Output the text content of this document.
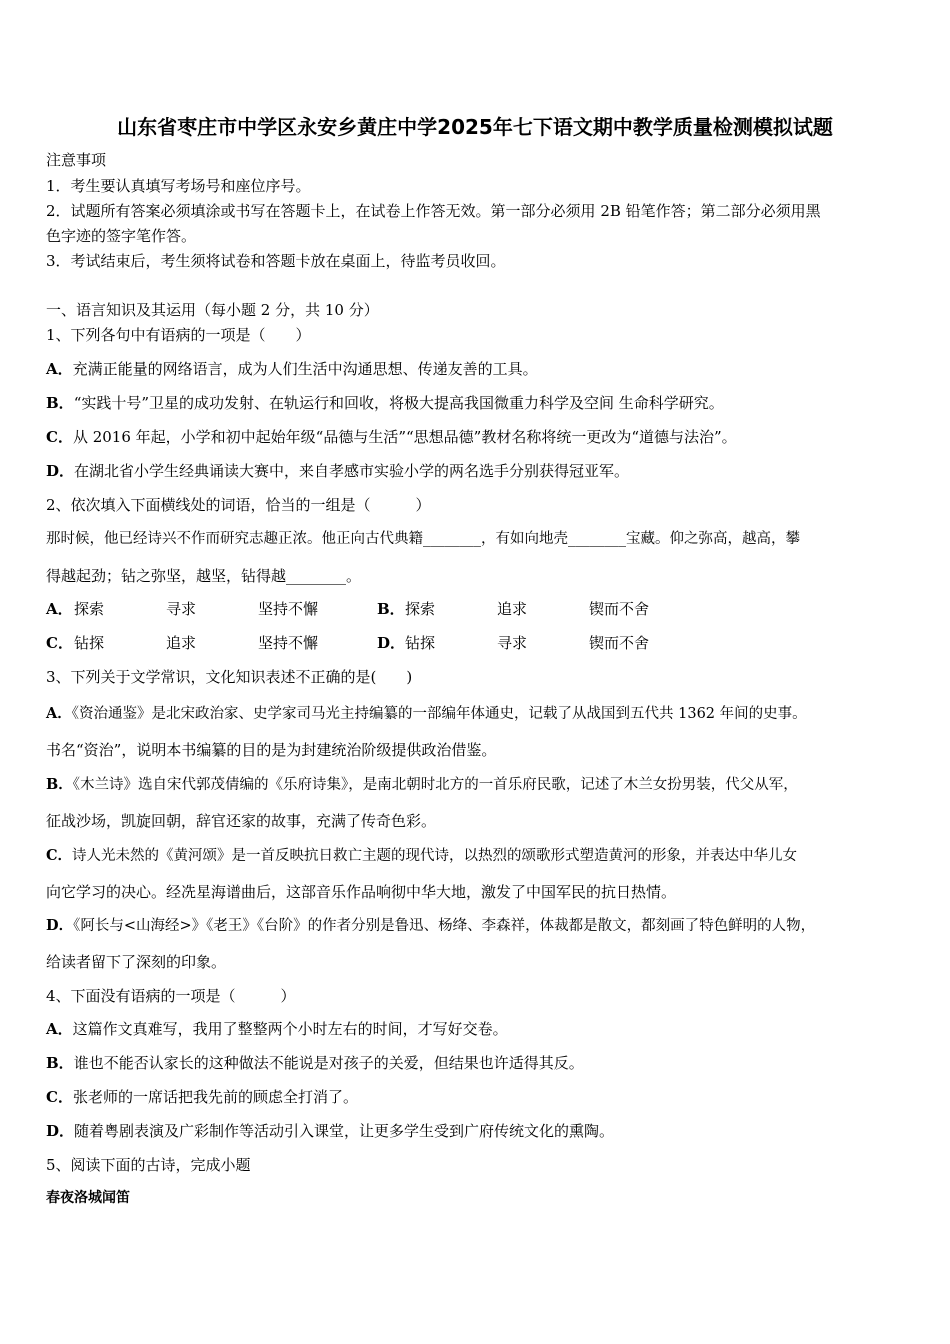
山东省枣庄市中学区永安乡黄庄中学2025年七下语文期中教学质量检测模拟试题
注意事项
1．考生要认真填写考场号和座位序号。
2．试题所有答案必须填涂或书写在答题卡上，在试卷上作答无效。第一部分必须用 2B 铅笔作答；第二部分必须用黑
色字迹的签字笔作答。
3．考试结束后，考生须将试卷和答题卡放在桌面上，待监考员收回。
一、语言知识及其运用（每小题 2 分，共 10 分）
1、下列各句中有语病的一项是（　　）
A．充满正能量的网络语言，成为人们生活中沟通思想、传递友善的工具。
B．“实践十号”卫星的成功发射、在轨运行和回收，将极大提高我国微重力科学及空间 生命科学研究。
C．从 2016 年起，小学和初中起始年级“品德与生活”“思想品德”教材名称将统一更改为“道德与法治”。
D．在湖北省小学生经典诵读大赛中，来自孝感市实验小学的两名选手分别获得冠亚军。
2、依次填入下面横线处的词语，恰当的一组是（　　　）
那时候，他已经诗兴不作而研究志趣正浓。他正向古代典籍________，有如向地壳________宝藏。仰之弥高，越高，攀
得越起劲；钻之弥坚，越坚，钻得越________。
A．探索	寻求	坚持不懈	B．探索	追求	锲而不舍
C．钻探	追求	坚持不懈	D．钻探	寻求	锲而不舍
3、下列关于文学常识，文化知识表述不正确的是(　　)
A．《资治通鉴》是北宋政治家、史学家司马光主持编纂的一部编年体通史，记载了从战国到五代共 1362 年间的史事。
书名“资治”，说明本书编纂的目的是为封建统治阶级提供政治借鉴。
B．《木兰诗》选自宋代郭茂倩编的《乐府诗集》，是南北朝时北方的一首乐府民歌，记述了木兰女扮男装，代父从军，
征战沙场，凯旋回朝，辞官还家的故事，充满了传奇色彩。
C．诗人光未然的《黄河颂》是一首反映抗日救亡主题的现代诗，以热烈的颂歌形式塑造黄河的形象，并表达中华儿女
向它学习的决心。经冼星海谱曲后，这部音乐作品响彻中华大地，激发了中国军民的抗日热情。
D．《阿长与<山海经>》《老王》《台阶》的作者分别是鲁迅、杨绛、李森祥，体裁都是散文，都刻画了特色鲜明的人物，
给读者留下了深刻的印象。
4、下面没有语病的一项是（　　　）
A．这篇作文真难写，我用了整整两个小时左右的时间，才写好交卷。
B．谁也不能否认家长的这种做法不能说是对孩子的关爱，但结果也许适得其反。
C．张老师的一席话把我先前的顾虑全打消了。
D．随着粤剧表演及广彩制作等活动引入课堂，让更多学生受到广府传统文化的熏陶。
5、阅读下面的古诗，完成小题
春夜洛城闻笛
